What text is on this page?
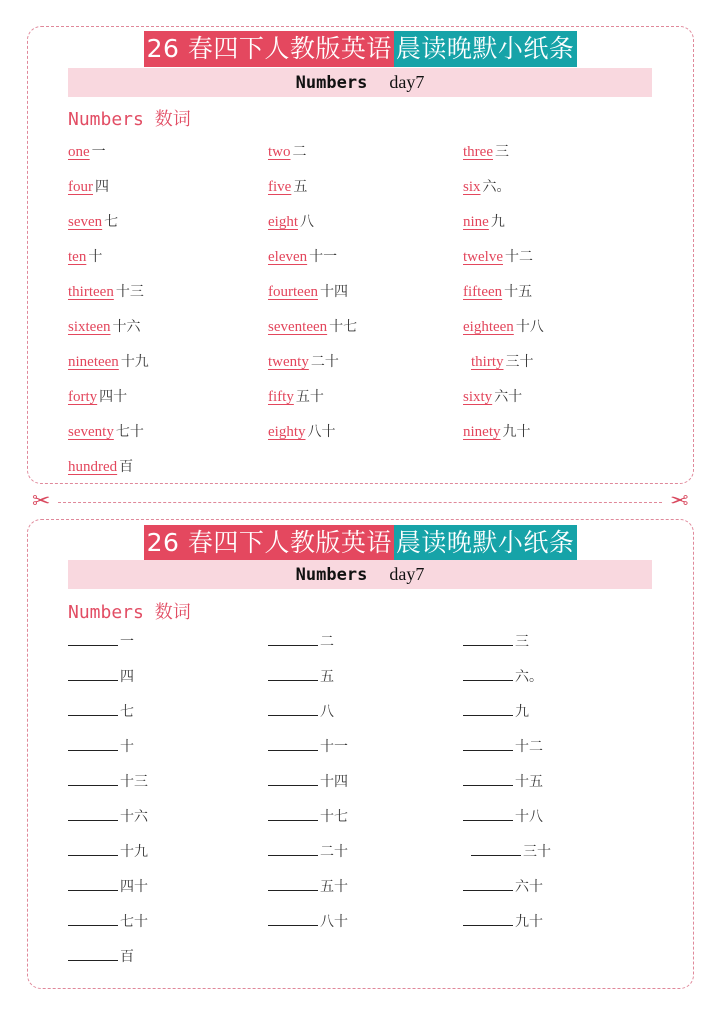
26 春四下人教版英语 晨读晚默小纸条
Numbers day7
Numbers 数词
one 一	two 二	three 三
four 四	five 五	six 六。
seven 七	eight 八	nine 九
ten 十	eleven 十一	twelve 十二
thirteen 十三	fourteen 十四	fifteen 十五
sixteen 十六	seventeen 十七	eighteen 十八
nineteen 十九	twenty 二十	thirty 三十
forty 四十	fifty 五十	sixty 六十
seventy 七十	eighty 八十	ninety 九十
hundred 百
✂	✂
26 春四下人教版英语 晨读晚默小纸条
Numbers day7
Numbers 数词
一	二	三
四	五	六。
七	八	九
十	十一	十二
十三	十四	十五
十六	十七	十八
十九	二十	三十
四十	五十	六十
七十	八十	九十
百
